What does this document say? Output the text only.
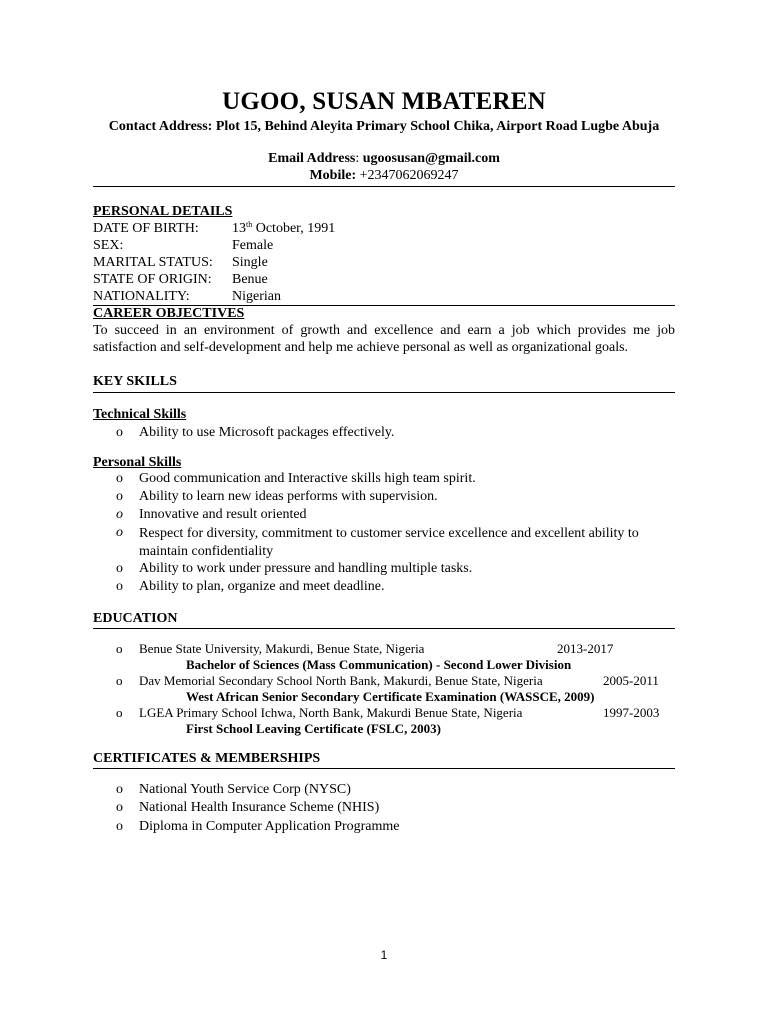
UGOO, SUSAN MBATEREN
Contact Address: Plot 15, Behind Aleyita Primary School Chika, Airport Road Lugbe Abuja
Email Address: ugoosusan@gmail.com
Mobile: +2347062069247
PERSONAL DETAILS
DATE OF BIRTH: 13th October, 1991
SEX:	Female
MARITAL STATUS: Single
STATE OF ORIGIN: Benue
NATIONALITY:	Nigerian
CAREER OBJECTIVES
To succeed in an environment of growth and excellence and earn a job which provides me job satisfaction and self-development and help me achieve personal as well as organizational goals.
KEY SKILLS
Technical Skills
o Ability to use Microsoft packages effectively.
Personal Skills
o Good communication and Interactive skills high team spirit.
o Ability to learn new ideas performs with supervision.
o Innovative and result oriented
o Respect for diversity, commitment to customer service excellence and excellent ability to maintain confidentiality
o Ability to work under pressure and handling multiple tasks.
o Ability to plan, organize and meet deadline.
EDUCATION
o Benue State University, Makurdi, Benue State, Nigeria	2013-2017
Bachelor of Sciences (Mass Communication) - Second Lower Division
o Dav Memorial Secondary School North Bank, Makurdi, Benue State, Nigeria	2005-2011
West African Senior Secondary Certificate Examination (WASSCE, 2009)
o LGEA Primary School Ichwa, North Bank, Makurdi Benue State, Nigeria	1997-2003
First School Leaving Certificate (FSLC, 2003)
CERTIFICATES & MEMBERSHIPS
o National Youth Service Corp (NYSC)
o National Health Insurance Scheme (NHIS)
o Diploma in Computer Application Programme
1
